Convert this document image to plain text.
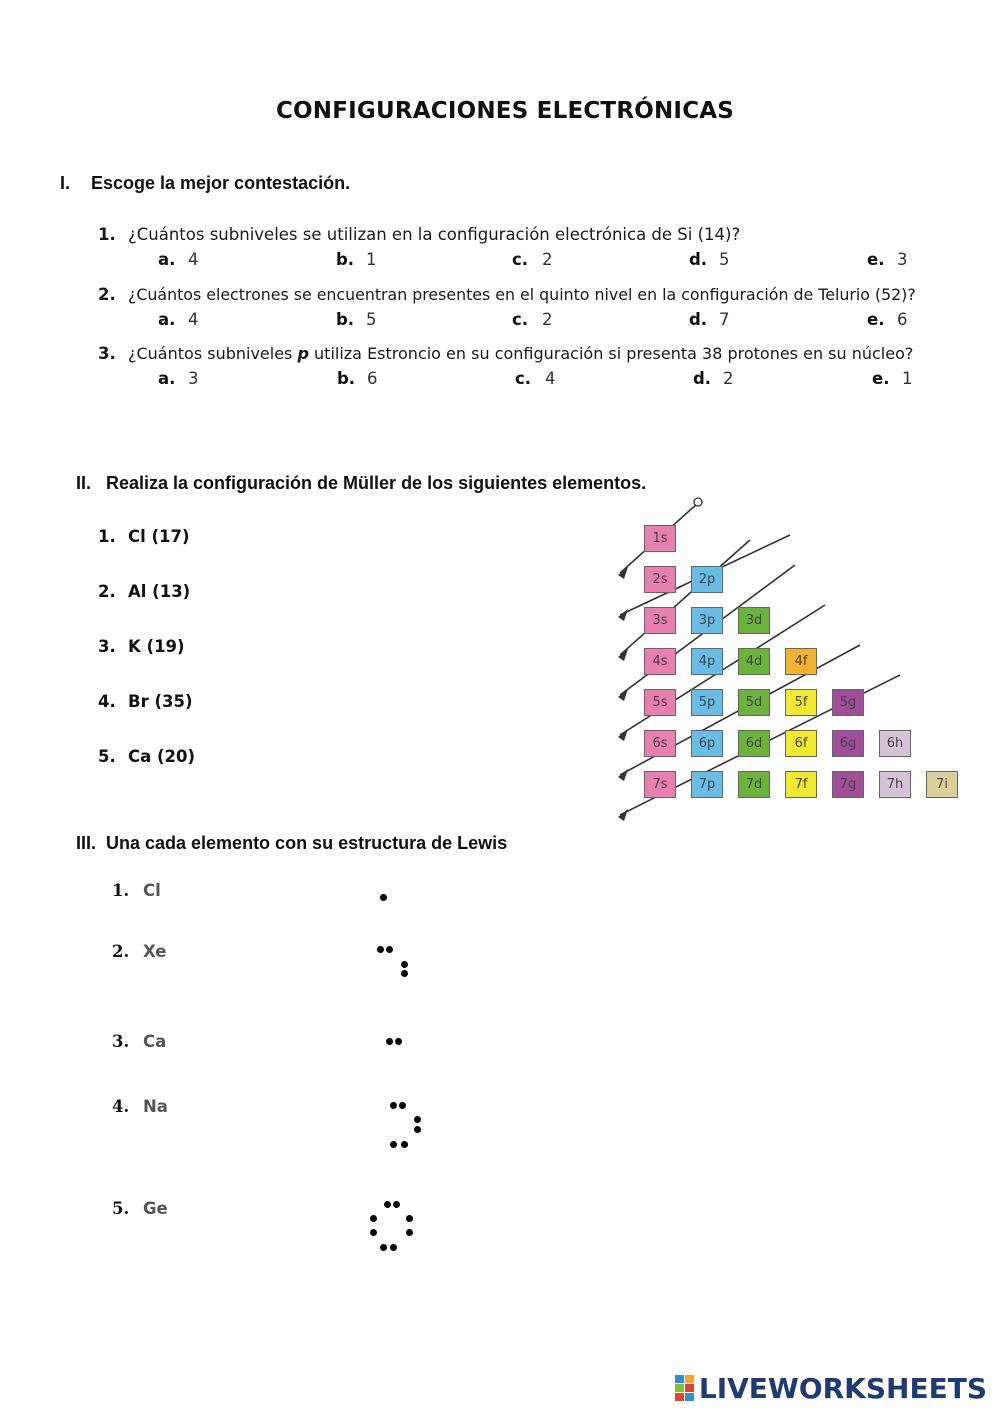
CONFIGURACIONES ELECTRÓNICAS
I. Escoge la mejor contestación.
1. ¿Cuántos subniveles se utilizan en la configuración electrónica de Si (14)?
a. 4	b. 1	c. 2	d. 5	e. 3
2. ¿Cuántos electrones se encuentran presentes en el quinto nivel en la configuración de Telurio (52)?
a. 4	b. 5	c. 2	d. 7	e. 6
3. ¿Cuántos subniveles p utiliza Estroncio en su configuración si presenta 38 protones en su núcleo?
a. 3	b. 6	c. 4	d. 2	e. 1
II. Realiza la configuración de Müller de los siguientes elementos.
1. Cl (17)
2. Al (13)
3. K (19)
4. Br (35)
5. Ca (20)
1s
2s	2p
3s	3p	3d
4s	4p	4d	4f
5s	5p	5d	5f	5g
6s	6p	6d	6f	6g	6h
7s	7p	7d	7f	7g	7h	7i
III. Una cada elemento con su estructura de Lewis
1. Cl
2. Xe
3. Ca
4. Na
5. Ge
LIVEWORKSHEETS
